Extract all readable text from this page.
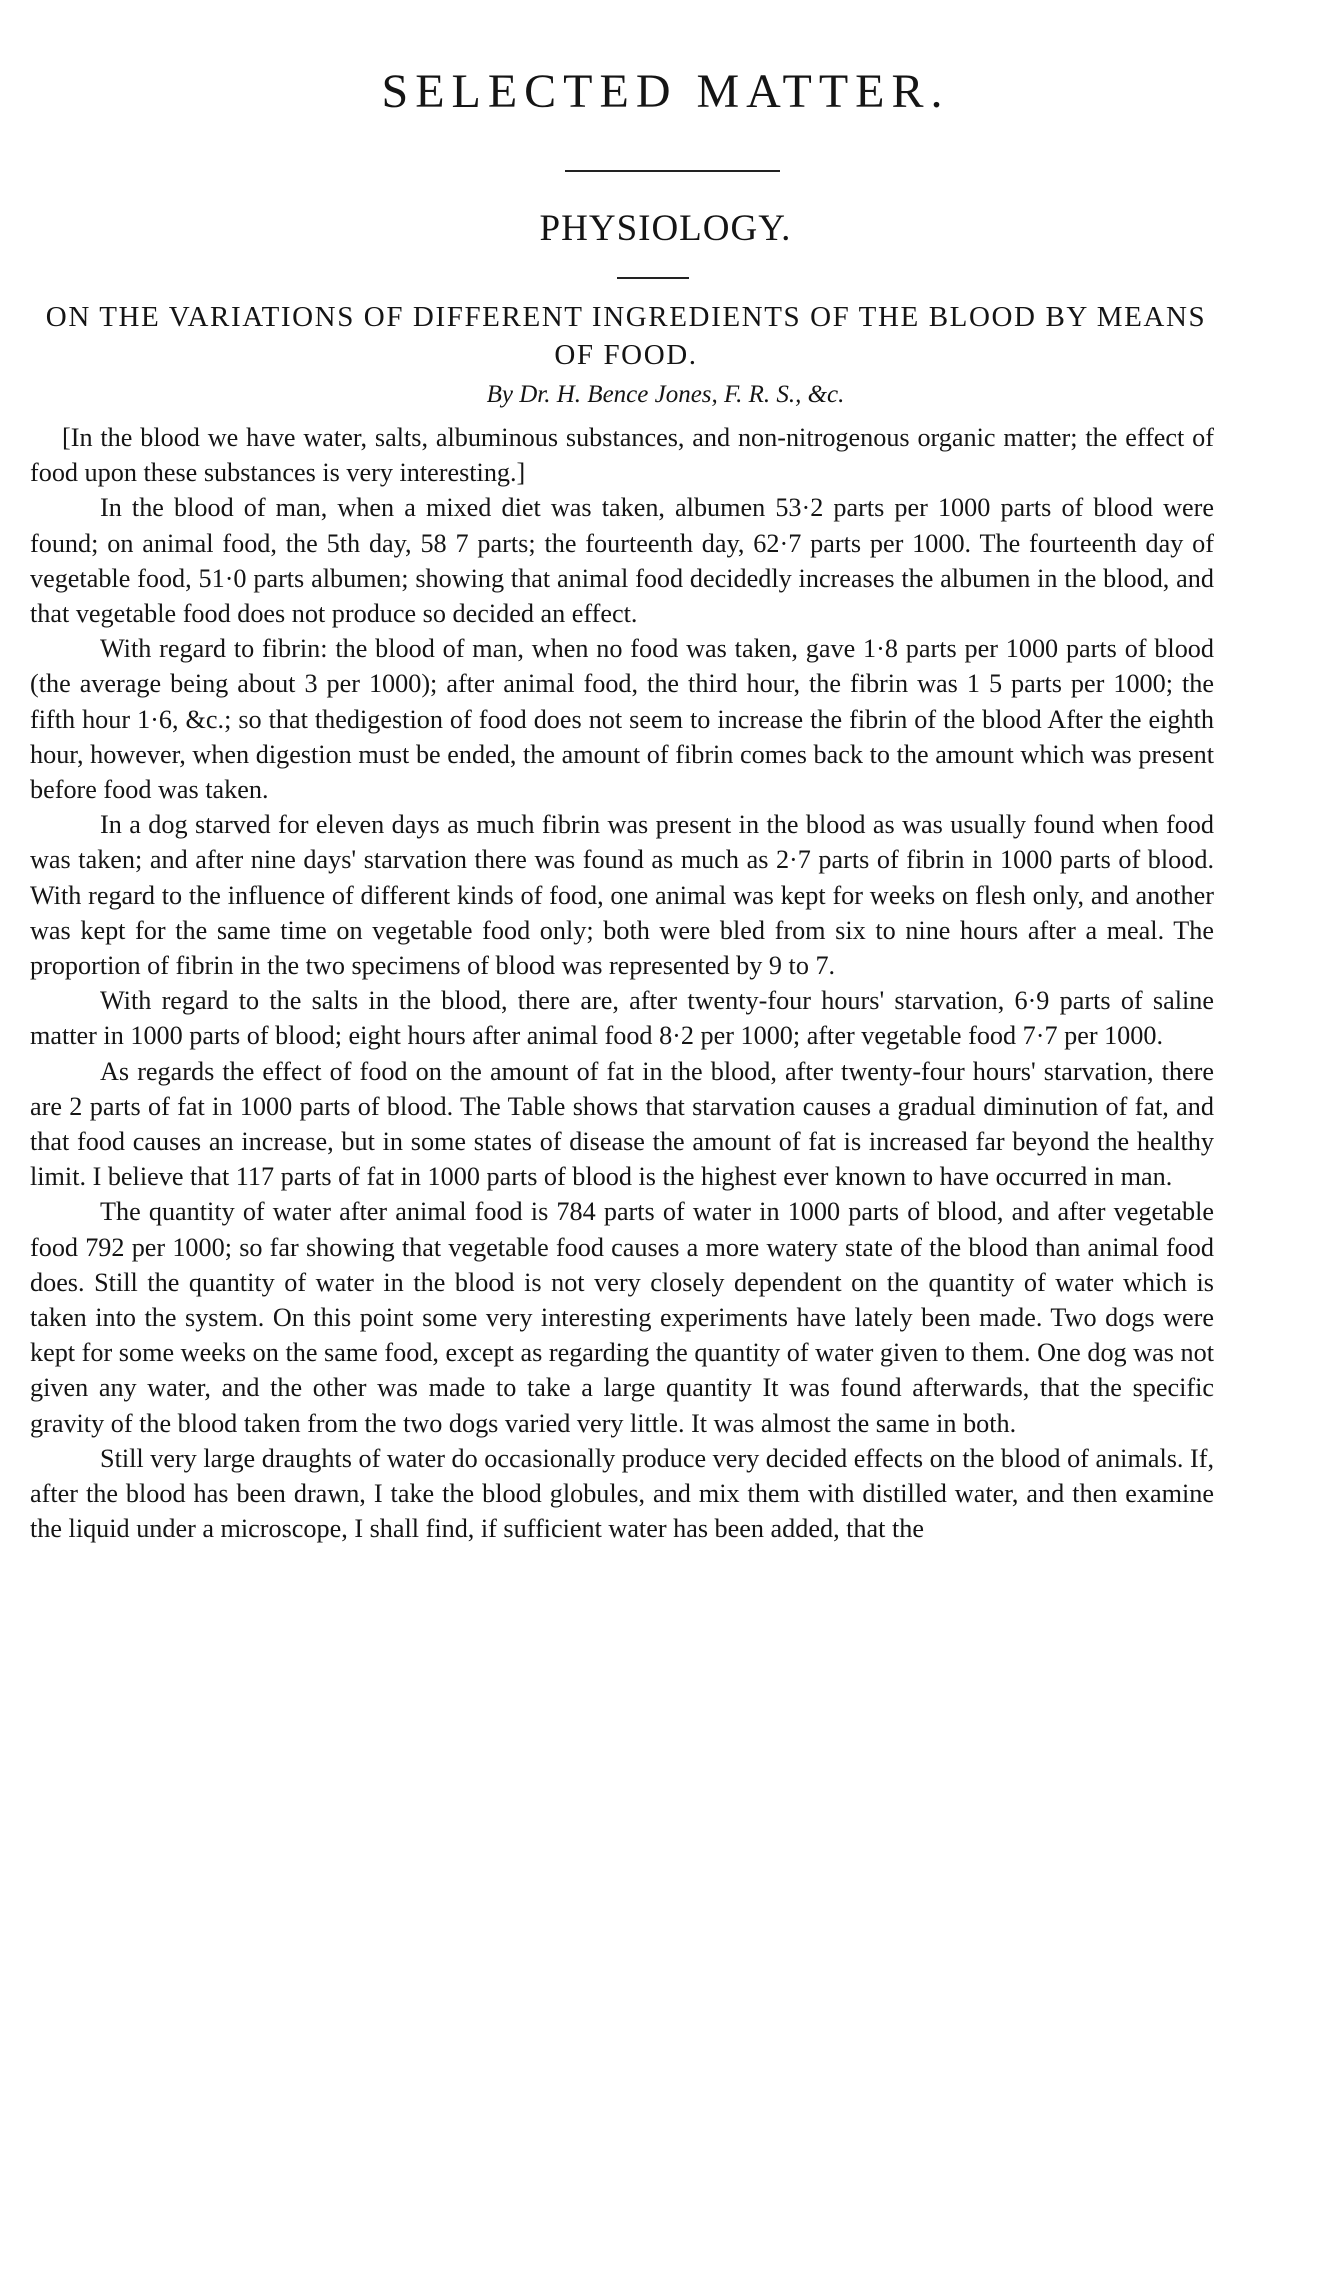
SELECTED MATTER.
PHYSIOLOGY.
ON THE VARIATIONS OF DIFFERENT INGREDIENTS OF THE BLOOD BY MEANS OF FOOD.
By Dr. H. Bence Jones, F. R. S., &c.

[In the blood we have water, salts, albuminous substances, and non-nitrogenous organic matter; the effect of food upon these substances is very interesting.]

In the blood of man, when a mixed diet was taken, albumen 53·2 parts per 1000 parts of blood were found; on animal food, the 5th day, 58 7 parts; the fourteenth day, 62·7 parts per 1000. The fourteenth day of vegetable food, 51·0 parts albumen; showing that animal food decidedly increases the albumen in the blood, and that vegetable food does not produce so decided an effect.

With regard to fibrin: the blood of man, when no food was taken, gave 1·8 parts per 1000 parts of blood (the average being about 3 per 1000); after animal food, the third hour, the fibrin was 1 5 parts per 1000; the fifth hour 1·6, &c.; so that thedigestion of food does not seem to increase the fibrin of the blood After the eighth hour, however, when digestion must be ended, the amount of fibrin comes back to the amount which was present before food was taken.

In a dog starved for eleven days as much fibrin was present in the blood as was usually found when food was taken; and after nine days' starvation there was found as much as 2·7 parts of fibrin in 1000 parts of blood. With regard to the influence of different kinds of food, one animal was kept for weeks on flesh only, and another was kept for the same time on vegetable food only; both were bled from six to nine hours after a meal. The proportion of fibrin in the two specimens of blood was represented by 9 to 7.

With regard to the salts in the blood, there are, after twenty-four hours' starvation, 6·9 parts of saline matter in 1000 parts of blood; eight hours after animal food 8·2 per 1000; after vegetable food 7·7 per 1000.

As regards the effect of food on the amount of fat in the blood, after twenty-four hours' starvation, there are 2 parts of fat in 1000 parts of blood. The Table shows that starvation causes a gradual diminution of fat, and that food causes an increase, but in some states of disease the amount of fat is increased far beyond the healthy limit. I believe that 117 parts of fat in 1000 parts of blood is the highest ever known to have occurred in man.

The quantity of water after animal food is 784 parts of water in 1000 parts of blood, and after vegetable food 792 per 1000; so far showing that vegetable food causes a more watery state of the blood than animal food does. Still the quantity of water in the blood is not very closely dependent on the quantity of water which is taken into the system. On this point some very interesting experiments have lately been made. Two dogs were kept for some weeks on the same food, except as regarding the quantity of water given to them. One dog was not given any water, and the other was made to take a large quantity It was found afterwards, that the specific gravity of the blood taken from the two dogs varied very little. It was almost the same in both.

Still very large draughts of water do occasionally produce very decided effects on the blood of animals. If, after the blood has been drawn, I take the blood globules, and mix them with distilled water, and then examine the liquid under a microscope, I shall find, if sufficient water has been added, that the
